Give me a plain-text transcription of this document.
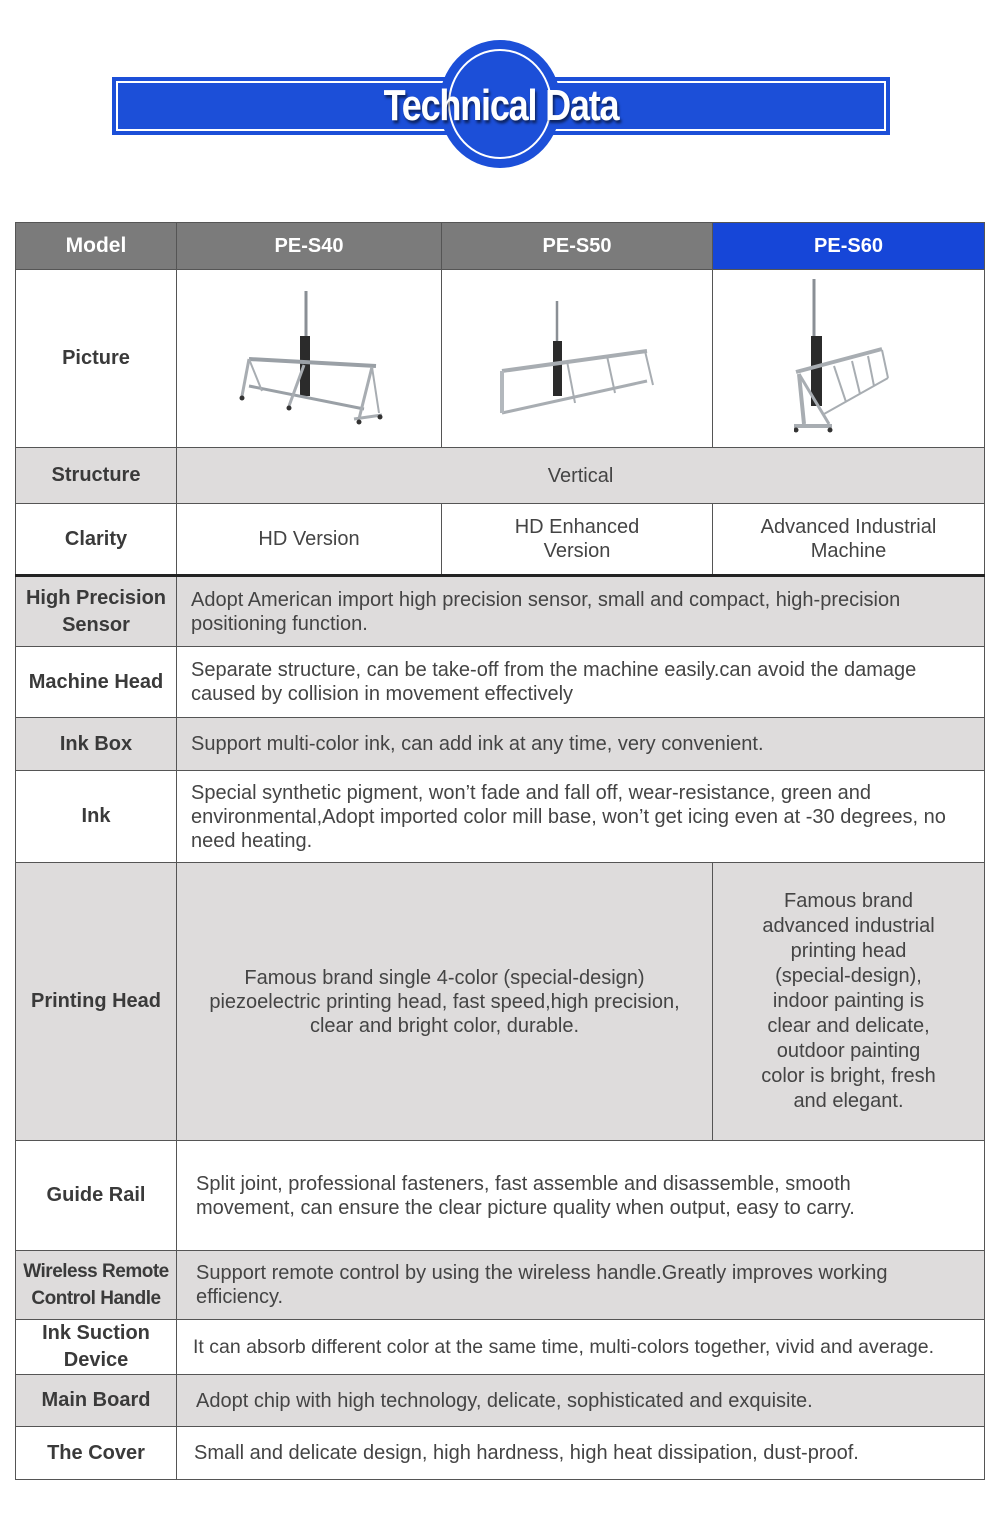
Technical Data
Model	PE-S40	PE-S50	PE-S60
Picture			
Structure	Vertical		
Clarity	HD Version	HD Enhanced Version	Advanced Industrial Machine
High Precision Sensor	Adopt American import high precision sensor, small and compact, high-precision positioning function.		
Machine Head	Separate structure, can be take-off from the machine easily.can avoid the damage caused by collision in movement effectively		
Ink Box	Support multi-color ink, can add ink at any time, very convenient.		
Ink	Special synthetic pigment, won’t fade and fall off, wear-resistance, green and environmental,Adopt imported color mill base, won’t get icing even at -30 degrees, no need heating.		
Printing Head	Famous brand single 4-color (special-design) piezoelectric printing head, fast speed,high precision, clear and bright color, durable.		Famous brand advanced industrial printing head (special-design), indoor painting is clear and delicate, outdoor painting color is bright, fresh and elegant.
Guide Rail	Split joint, professional fasteners, fast assemble and disassemble, smooth movement, can ensure the clear picture quality when output, easy to carry.		
Wireless Remote Control Handle	Support remote control by using the wireless handle.Greatly improves working efficiency.		
Ink Suction Device	It can absorb different color at the same time, multi-colors together, vivid and average.		
Main Board	Adopt chip with high technology, delicate, sophisticated and exquisite.		
The Cover	Small and delicate design, high hardness, high heat dissipation, dust-proof.		
